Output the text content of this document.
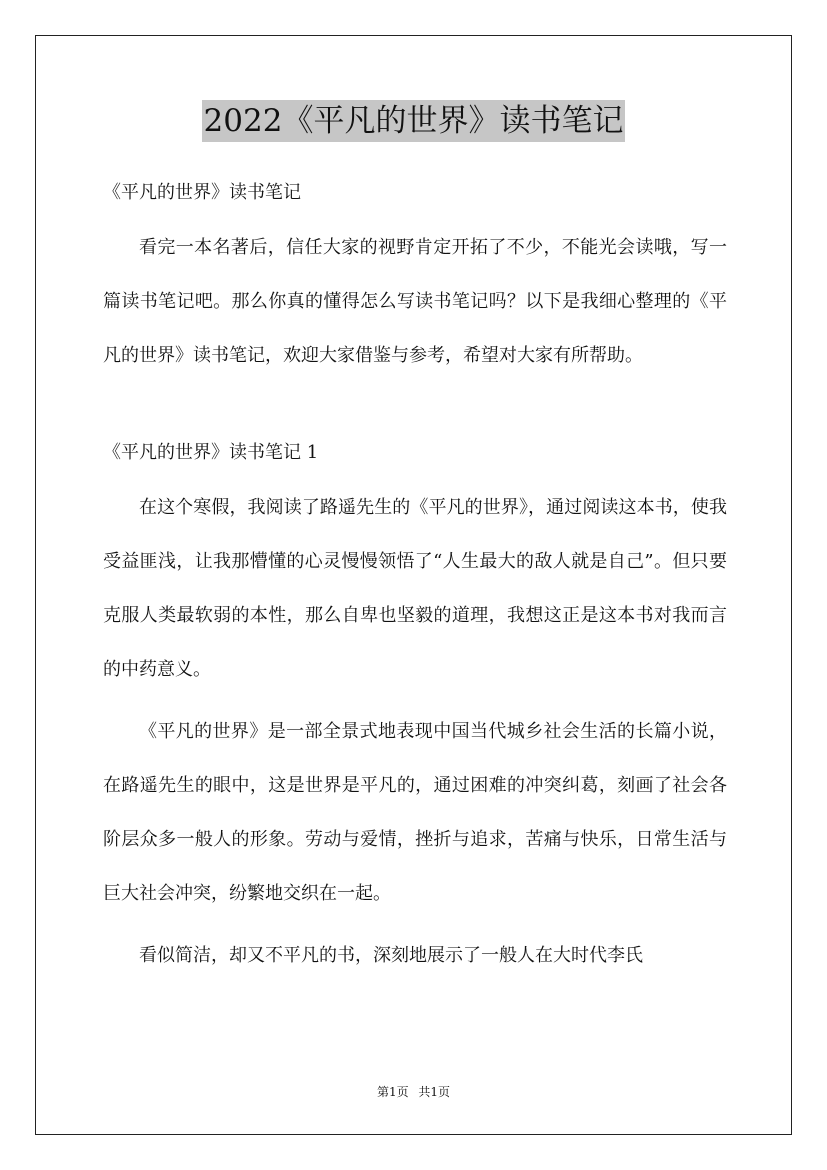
2022《平凡的世界》读书笔记

《平凡的世界》读书笔记

看完一本名著后，信任大家的视野肯定开拓了不少，不能光会读哦，写一篇读书笔记吧。那么你真的懂得怎么写读书笔记吗？以下是我细心整理的《平凡的世界》读书笔记，欢迎大家借鉴与参考，希望对大家有所帮助。

《平凡的世界》读书笔记 1

在这个寒假，我阅读了路遥先生的《平凡的世界》，通过阅读这本书，使我受益匪浅，让我那懵懂的心灵慢慢领悟了“人生最大的敌人就是自己”。但只要克服人类最软弱的本性，那么自卑也坚毅的道理，我想这正是这本书对我而言的中药意义。

《平凡的世界》是一部全景式地表现中国当代城乡社会生活的长篇小说，在路遥先生的眼中，这是世界是平凡的，通过困难的冲突纠葛，刻画了社会各阶层众多一般人的形象。劳动与爱情，挫折与追求，苦痛与快乐，日常生活与巨大社会冲突，纷繁地交织在一起。

看似简洁，却又不平凡的书，深刻地展示了一般人在大时代李氏

第1页 共1页
